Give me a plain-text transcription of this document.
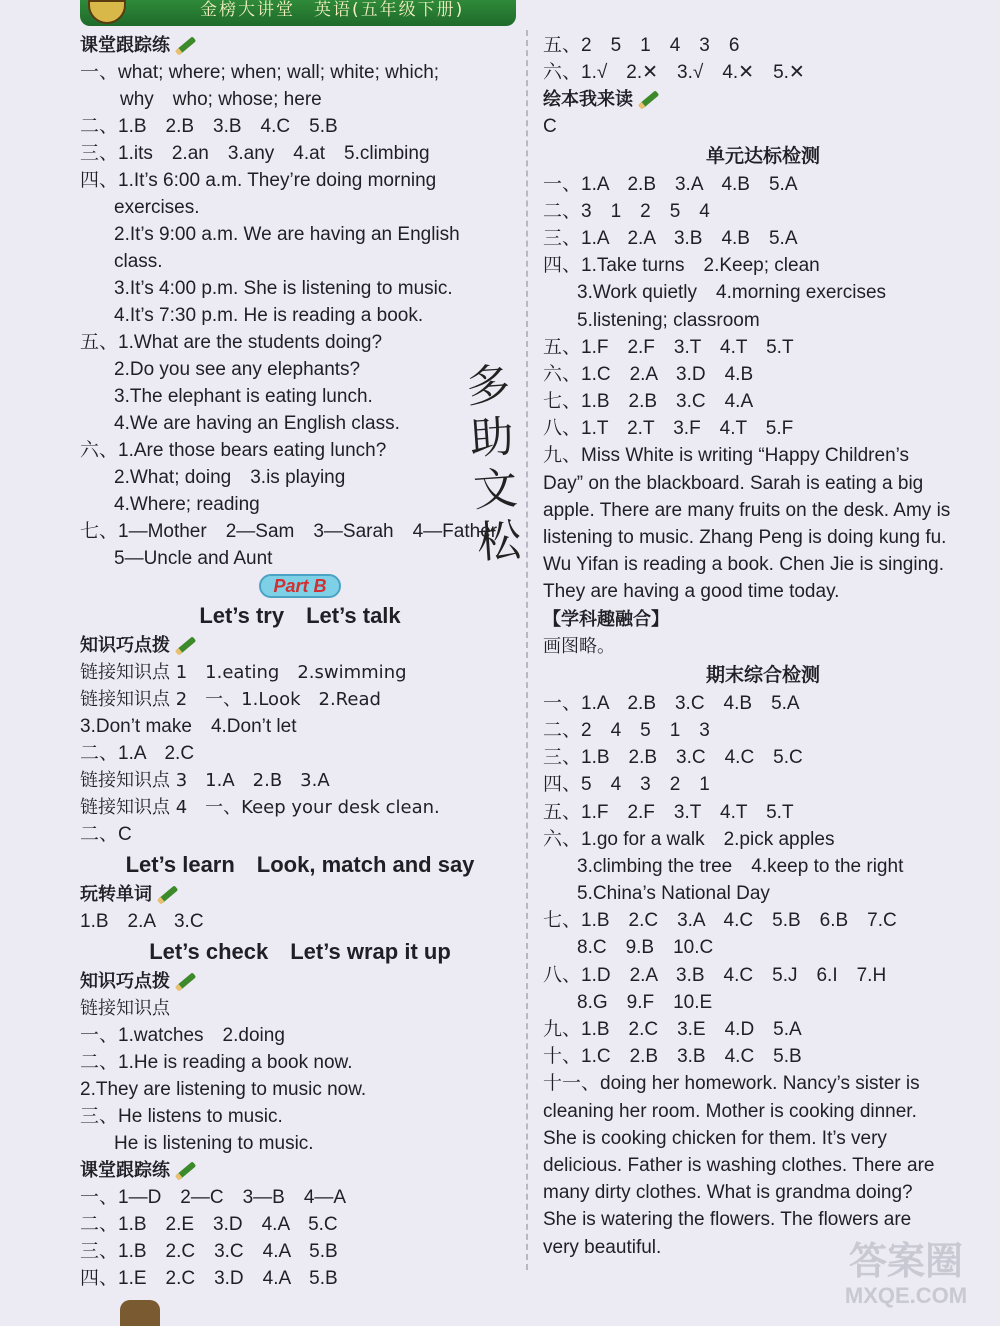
金榜大讲堂　英语(五年级下册)
课堂跟踪练
一、what; where; when; wall; white; which;
why　who; whose; here
二、1.B　2.B　3.B　4.C　5.B
三、1.its　2.an　3.any　4.at　5.climbing
四、1.It’s 6:00 a.m. They’re doing morning
exercises.
2.It’s 9:00 a.m. We are having an English
class.
3.It’s 4:00 p.m. She is listening to music.
4.It’s 7:30 p.m. He is reading a book.
五、1.What are the students doing?
2.Do you see any elephants?
3.The elephant is eating lunch.
4.We are having an English class.
六、1.Are those bears eating lunch?
2.What; doing　3.is playing
4.Where; reading
七、1—Mother　2—Sam　3—Sarah　4—Father
5—Uncle and Aunt
Part B
Let’s try　Let’s talk
知识巧点拨
链接知识点 1　1.eating　2.swimming
链接知识点 2　一、1.Look　2.Read
3.Don’t make　4.Don’t let
二、1.A　2.C
链接知识点 3　1.A　2.B　3.A
链接知识点 4　一、Keep your desk clean.
二、C
Let’s learn　Look, match and say
玩转单词
1.B　2.A　3.C
Let’s check　Let’s wrap it up
知识巧点拨
链接知识点
一、1.watches　2.doing
二、1.He is reading a book now.
2.They are listening to music now.
三、He listens to music.
He is listening to music.
课堂跟踪练
一、1—D　2—C　3—B　4—A
二、1.B　2.E　3.D　4.A　5.C
三、1.B　2.C　3.C　4.A　5.B
四、1.E　2.C　3.D　4.A　5.B
多
助
文
松
五、2　5　1　4　3　6
六、1.√　2.✕　3.√　4.✕　5.✕
绘本我来读
C
单元达标检测
一、1.A　2.B　3.A　4.B　5.A
二、3　1　2　5　4
三、1.A　2.A　3.B　4.B　5.A
四、1.Take turns　2.Keep; clean
3.Work quietly　4.morning exercises
5.listening; classroom
五、1.F　2.F　3.T　4.T　5.T
六、1.C　2.A　3.D　4.B
七、1.B　2.B　3.C　4.A
八、1.T　2.T　3.F　4.T　5.F
九、Miss White is writing “Happy Children’s
Day” on the blackboard. Sarah is eating a big
apple. There are many fruits on the desk. Amy is
listening to music. Zhang Peng is doing kung fu.
Wu Yifan is reading a book. Chen Jie is singing.
They are having a good time today.
【学科趣融合】
画图略。
期末综合检测
一、1.A　2.B　3.C　4.B　5.A
二、2　4　5　1　3
三、1.B　2.B　3.C　4.C　5.C
四、5　4　3　2　1
五、1.F　2.F　3.T　4.T　5.T
六、1.go for a walk　2.pick apples
3.climbing the tree　4.keep to the right
5.China’s National Day
七、1.B　2.C　3.A　4.C　5.B　6.B　7.C
8.C　9.B　10.C
八、1.D　2.A　3.B　4.C　5.J　6.I　7.H
8.G　9.F　10.E
九、1.B　2.C　3.E　4.D　5.A
十、1.C　2.B　3.B　4.C　5.B
十一、doing her homework. Nancy’s sister is
cleaning her room. Mother is cooking dinner.
She is cooking chicken for them. It’s very
delicious. Father is washing clothes. There are
many dirty clothes. What is grandma doing?
She is watering the flowers. The flowers are
very beautiful.	答案圈
MXQE.COM
